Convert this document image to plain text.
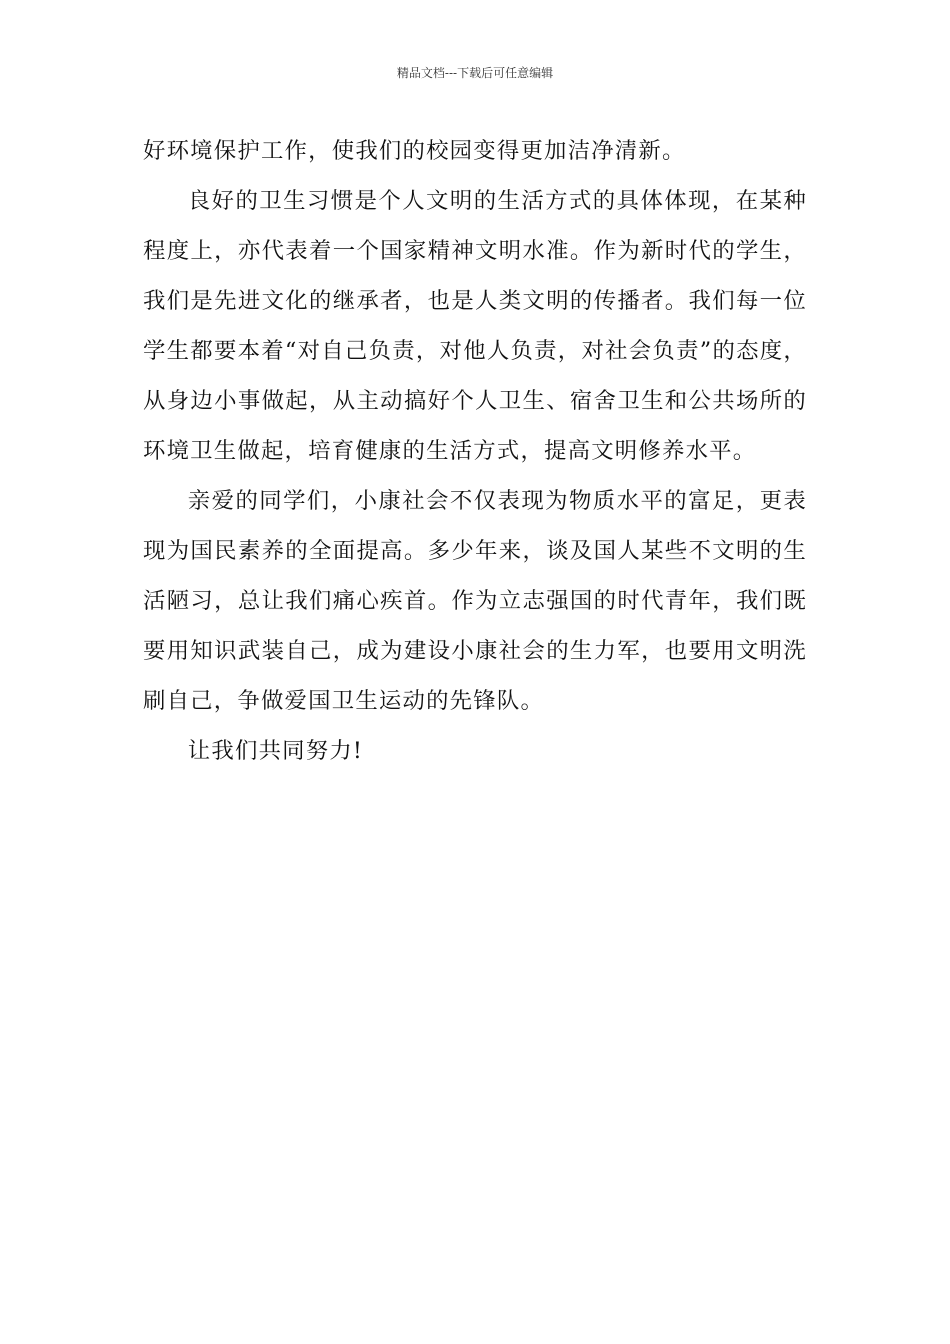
精品文档---下载后可任意编辑

好环境保护工作，使我们的校园变得更加洁净清新。

良好的卫生习惯是个人文明的生活方式的具体体现，在某种程度上，亦代表着一个国家精神文明水准。作为新时代的学生，我们是先进文化的继承者，也是人类文明的传播者。我们每一位学生都要本着“对自己负责，对他人负责，对社会负责”的态度，从身边小事做起，从主动搞好个人卫生、宿舍卫生和公共场所的环境卫生做起，培育健康的生活方式，提高文明修养水平。

亲爱的同学们，小康社会不仅表现为物质水平的富足，更表现为国民素养的全面提高。多少年来，谈及国人某些不文明的生活陋习，总让我们痛心疾首。作为立志强国的时代青年，我们既要用知识武装自己，成为建设小康社会的生力军，也要用文明洗刷自己，争做爱国卫生运动的先锋队。

让我们共同努力!
